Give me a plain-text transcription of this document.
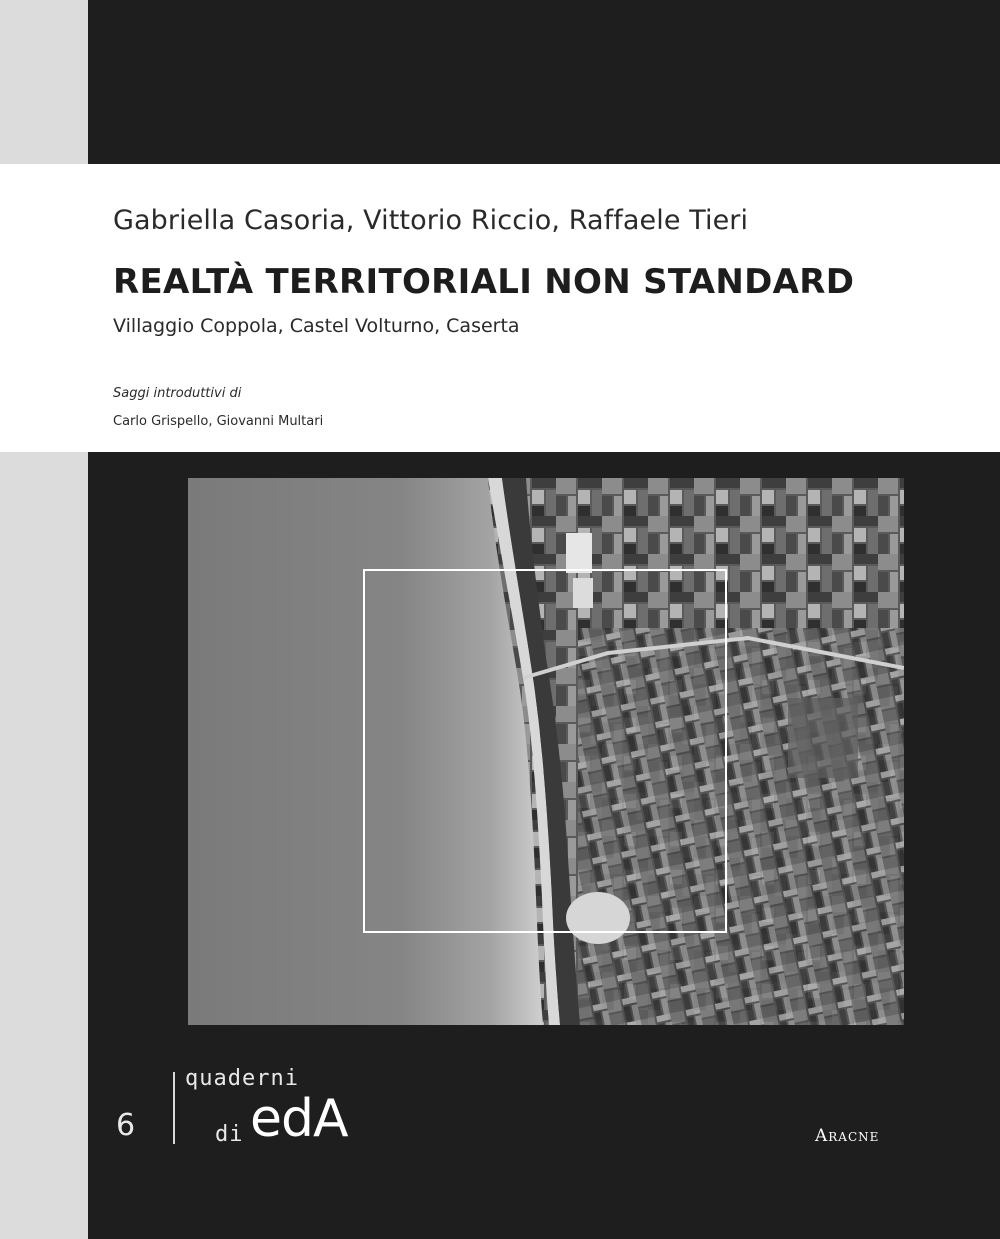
Gabriella Casoria, Vittorio Riccio, Raffaele Tieri
REALTÀ TERRITORIALI NON STANDARD
Villaggio Coppola, Castel Volturno, Caserta
Saggi introduttivi di
Carlo Grispello, Giovanni Multari
6
quaderni
di edA	Aracne
